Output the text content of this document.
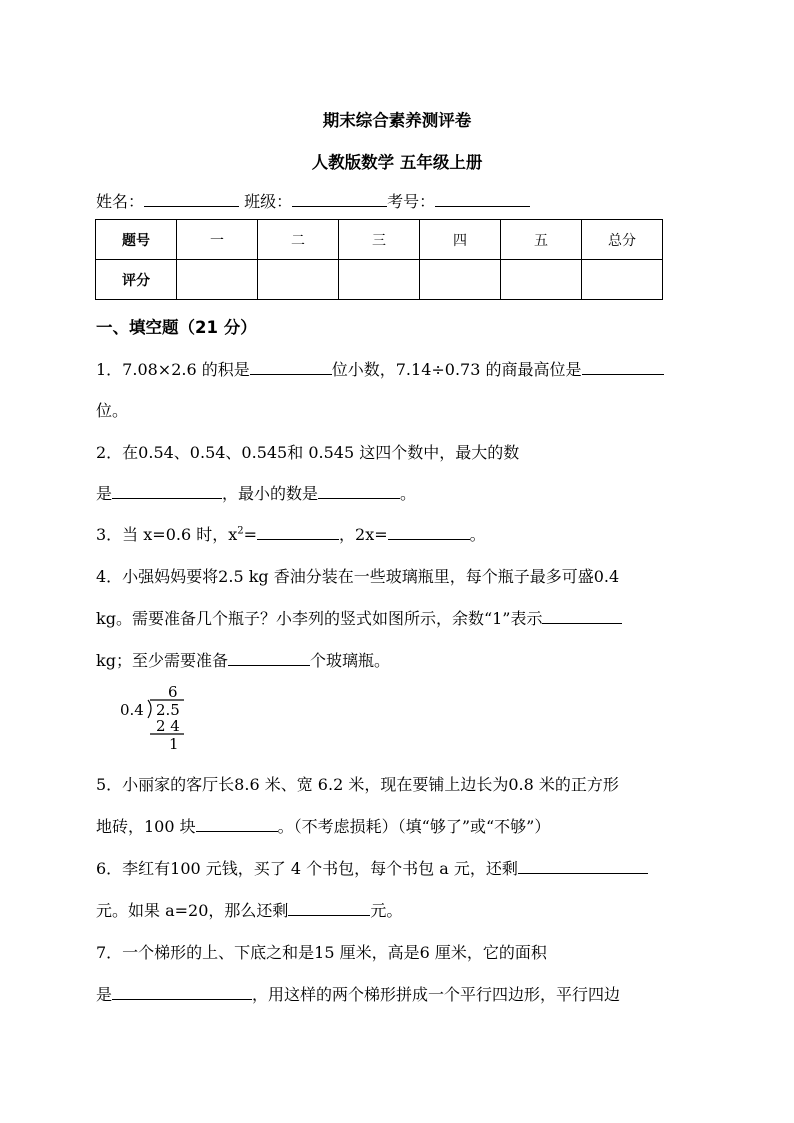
期末综合素养测评卷
人教版数学 五年级上册
姓名：	班级：	考号：
题号	一	二	三	四	五	总分
评分						
一、填空题（21 分）
1．7.08×2.6 的积是	位小数，7.14÷0.73 的商最高位是
位。
2．在0.54、0.54、0.545和 0.545 这四个数中，最大的数
是	，最小的数是	。
3．当 x=0.6 时，$x^2=$	，2x=	。
4．小强妈妈要将2.5 kg 香油分装在一些玻璃瓶里，每个瓶子最多可盛0.4
kg。需要准备几个瓶子？小李列的竖式如图所示，余数“1”表示
kg；至少需要准备	个玻璃瓶。
6
0.4 2.5
2 4
1
5．小丽家的客厅长8.6 米、宽 6.2 米，现在要铺上边长为0.8 米的正方形
地砖，100 块	。（不考虑损耗）（填“够了”或“不够”）
6．李红有100 元钱，买了 4 个书包，每个书包 a 元，还剩
元。如果 a=20，那么还剩	元。
7．一个梯形的上、下底之和是15 厘米，高是6 厘米，它的面积
是	，用这样的两个梯形拼成一个平行四边形，平行四边
